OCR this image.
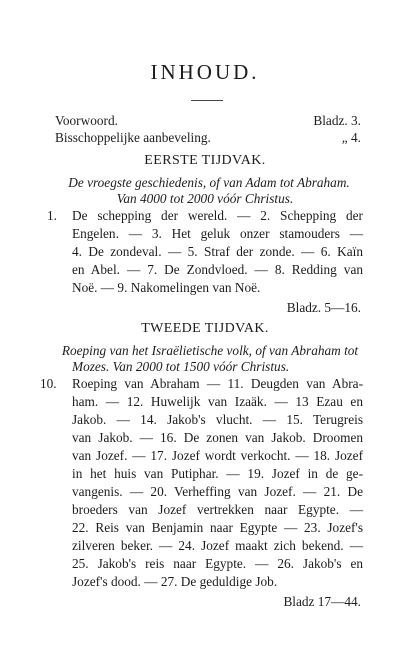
INHOUD.
Voorwoord.	Bladz. 3.
Bisschoppelijke aanbeveling.	„ 4.
EERSTE TIJDVAK.
De vroegste geschiedenis, of van Adam tot Abraham.
Van 4000 tot 2000 vóór Christus.
1. De schepping der wereld. — 2. Schepping der
Engelen. — 3. Het geluk onzer stamouders —
4. De zondeval. — 5. Straf der zonde. — 6. Kaïn
en Abel. — 7. De Zondvloed. — 8. Redding van
Noë. — 9. Nakomelingen van Noë.
Bladz. 5—16.
TWEEDE TIJDVAK.
Roeping van het Israëlietische volk, of van Abraham tot
Mozes. Van 2000 tot 1500 vóór Christus.
10. Roeping van Abraham — 11. Deugden van Abra-
ham. — 12. Huwelijk van Izaäk. — 13 Ezau en
Jakob. — 14. Jakob's vlucht. — 15. Terugreis
van Jakob. — 16. De zonen van Jakob. Droomen
van Jozef. — 17. Jozef wordt verkocht. — 18. Jozef
in het huis van Putiphar. — 19. Jozef in de ge-
vangenis. — 20. Verheffing van Jozef. — 21. De
broeders van Jozef vertrekken naar Egypte. —
22. Reis van Benjamin naar Egypte — 23. Jozef's
zilveren beker. — 24. Jozef maakt zich bekend. —
25. Jakob's reis naar Egypte. — 26. Jakob's en
Jozef's dood. — 27. De geduldige Job.
Bladz 17—44.
